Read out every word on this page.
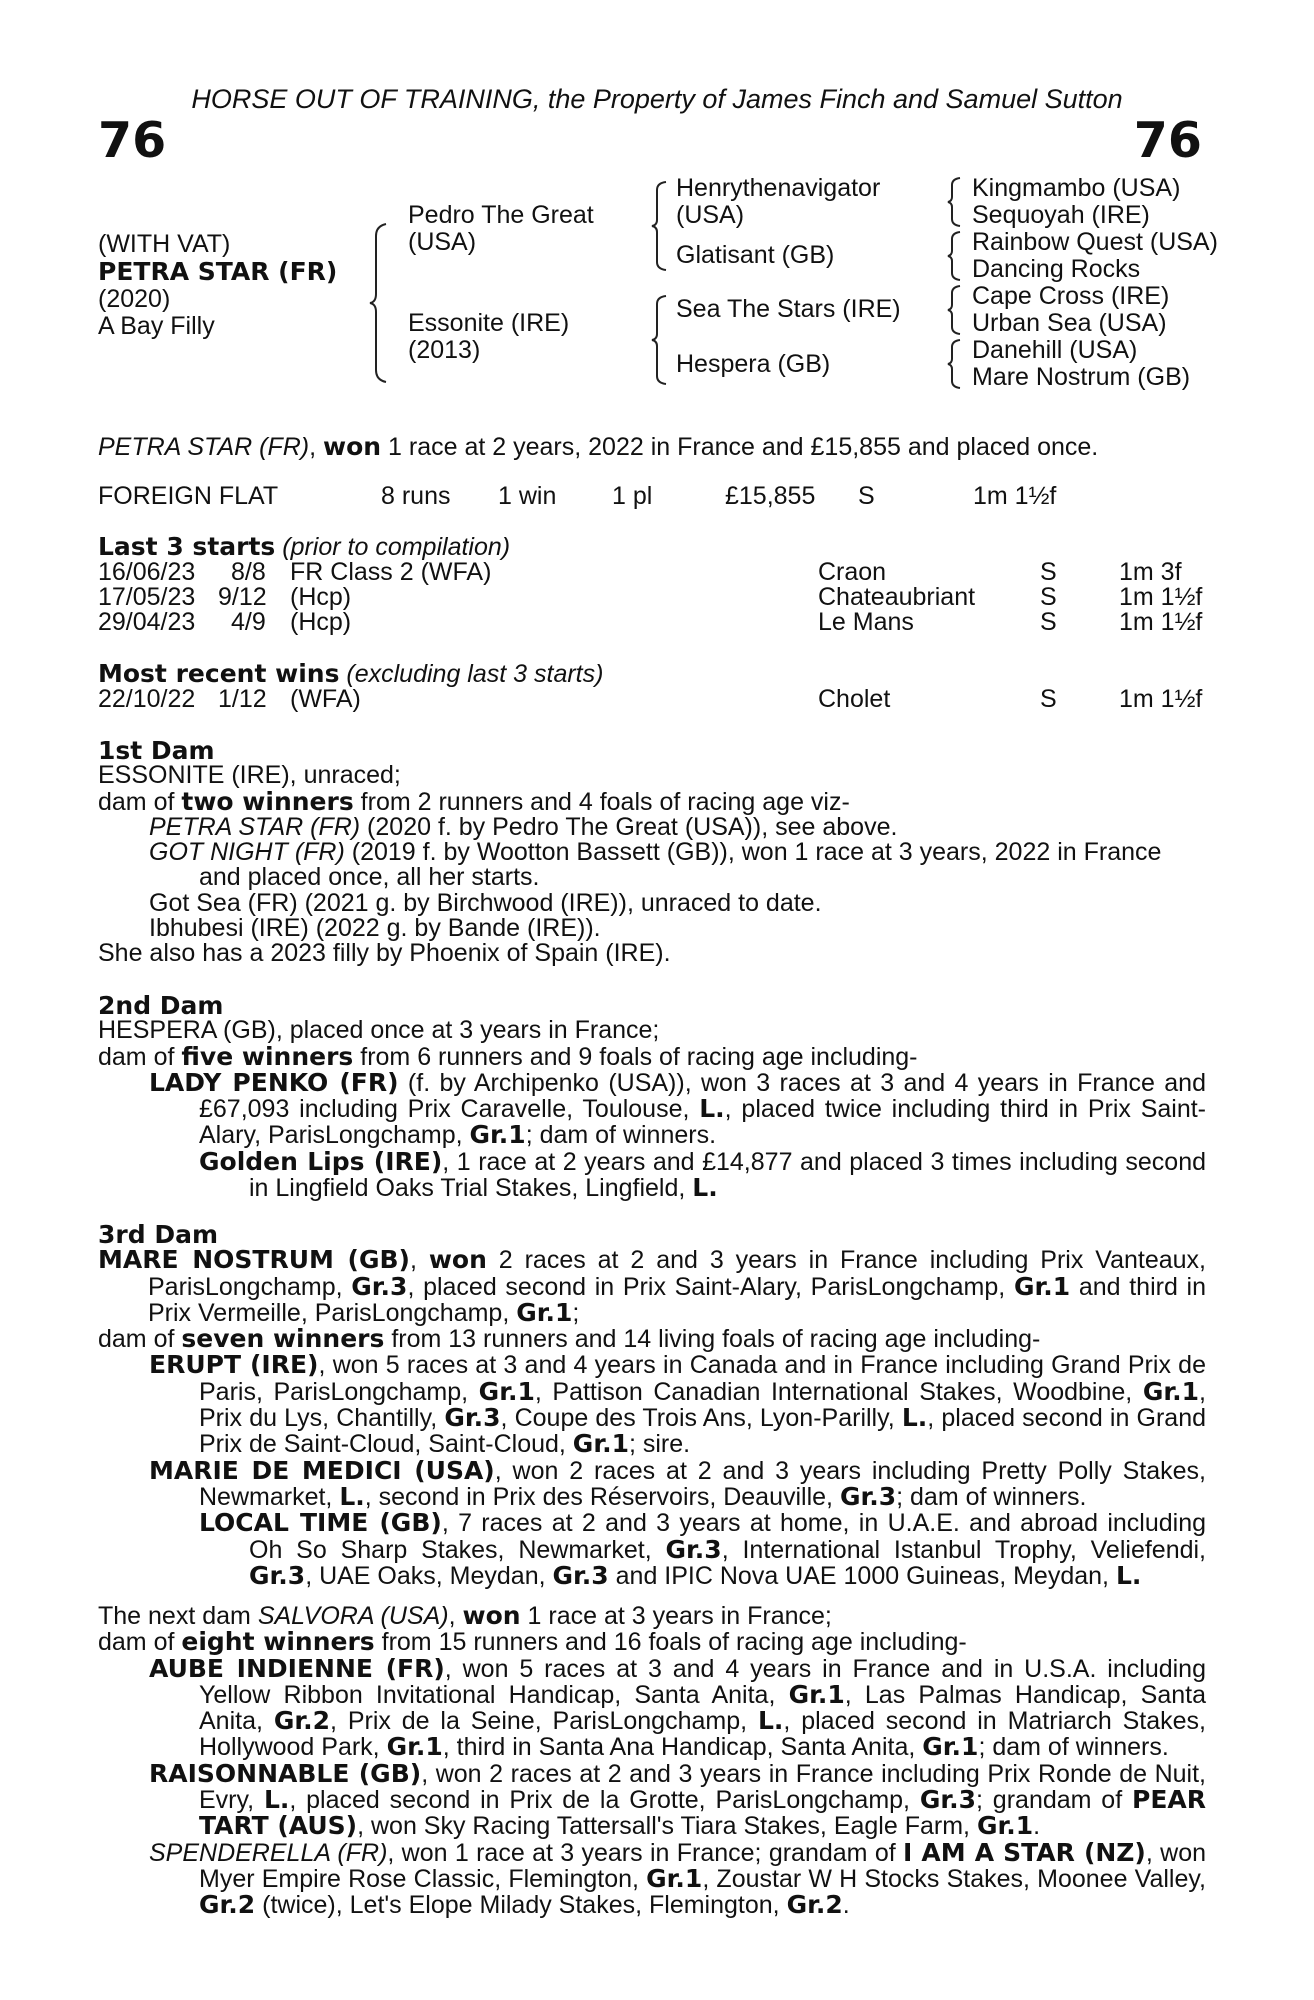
HORSE OUT OF TRAINING, the Property of James Finch and Samuel Sutton
76	76
(WITH VAT)
PETRA STAR (FR)
(2020)
A Bay Filly
Pedro The Great
(USA)
Essonite (IRE)
(2013)
Henrythenavigator
(USA)
Glatisant (GB)
Sea The Stars (IRE)
Hespera (GB)
Kingmambo (USA)
Sequoyah (IRE)
Rainbow Quest (USA)
Dancing Rocks
Cape Cross (IRE)
Urban Sea (USA)
Danehill (USA)
Mare Nostrum (GB)

PETRA STAR (FR), won 1 race at 2 years, 2022 in France and £15,855 and placed once.

FOREIGN FLAT	8 runs 1 win 1 pl	£15,855 S	1m 1½f

Last 3 starts (prior to compilation)

16/06/23 8/8 FR Class 2 (WFA)	Craon	S 1m 3f
17/05/23 9/12 (Hcp)	Chateaubriant	S 1m 1½f
29/04/23 4/9 (Hcp)	Le Mans	S 1m 1½f

Most recent wins (excluding last 3 starts)

22/10/22 1/12 (WFA)	Cholet	S 1m 1½f

1st Dam

ESSONITE (IRE), unraced;

dam of two winners from 2 runners and 4 foals of racing age viz-

PETRA STAR (FR) (2020 f. by Pedro The Great (USA)), see above.

GOT NIGHT (FR) (2019 f. by Wootton Bassett (GB)), won 1 race at 3 years, 2022 in France and placed once, all her starts.

Got Sea (FR) (2021 g. by Birchwood (IRE)), unraced to date.

Ibhubesi (IRE) (2022 g. by Bande (IRE)).

She also has a 2023 filly by Phoenix of Spain (IRE).

2nd Dam

HESPERA (GB), placed once at 3 years in France;

dam of five winners from 6 runners and 9 foals of racing age including-

LADY PENKO (FR) (f. by Archipenko (USA)), won 3 races at 3 and 4 years in France and £67,093 including Prix Caravelle, Toulouse, L., placed twice including third in Prix Saint-Alary, ParisLongchamp, Gr.1; dam of winners.

Golden Lips (IRE), 1 race at 2 years and £14,877 and placed 3 times including second in Lingfield Oaks Trial Stakes, Lingfield, L.

3rd Dam

MARE NOSTRUM (GB), won 2 races at 2 and 3 years in France including Prix Vanteaux, ParisLongchamp, Gr.3, placed second in Prix Saint-Alary, ParisLongchamp, Gr.1 and third in Prix Vermeille, ParisLongchamp, Gr.1;

dam of seven winners from 13 runners and 14 living foals of racing age including-

ERUPT (IRE), won 5 races at 3 and 4 years in Canada and in France including Grand Prix de Paris, ParisLongchamp, Gr.1, Pattison Canadian International Stakes, Woodbine, Gr.1, Prix du Lys, Chantilly, Gr.3, Coupe des Trois Ans, Lyon-Parilly, L., placed second in Grand Prix de Saint-Cloud, Saint-Cloud, Gr.1; sire.

MARIE DE MEDICI (USA), won 2 races at 2 and 3 years including Pretty Polly Stakes, Newmarket, L., second in Prix des Réservoirs, Deauville, Gr.3; dam of winners.

LOCAL TIME (GB), 7 races at 2 and 3 years at home, in U.A.E. and abroad including Oh So Sharp Stakes, Newmarket, Gr.3, International Istanbul Trophy, Veliefendi, Gr.3, UAE Oaks, Meydan, Gr.3 and IPIC Nova UAE 1000 Guineas, Meydan, L.

The next dam SALVORA (USA), won 1 race at 3 years in France;

dam of eight winners from 15 runners and 16 foals of racing age including-

AUBE INDIENNE (FR), won 5 races at 3 and 4 years in France and in U.S.A. including Yellow Ribbon Invitational Handicap, Santa Anita, Gr.1, Las Palmas Handicap, Santa Anita, Gr.2, Prix de la Seine, ParisLongchamp, L., placed second in Matriarch Stakes, Hollywood Park, Gr.1, third in Santa Ana Handicap, Santa Anita, Gr.1; dam of winners.

RAISONNABLE (GB), won 2 races at 2 and 3 years in France including Prix Ronde de Nuit, Evry, L., placed second in Prix de la Grotte, ParisLongchamp, Gr.3; grandam of PEAR TART (AUS), won Sky Racing Tattersall's Tiara Stakes, Eagle Farm, Gr.1.

SPENDERELLA (FR), won 1 race at 3 years in France; grandam of I AM A STAR (NZ), won Myer Empire Rose Classic, Flemington, Gr.1, Zoustar W H Stocks Stakes, Moonee Valley, Gr.2 (twice), Let's Elope Milady Stakes, Flemington, Gr.2.
